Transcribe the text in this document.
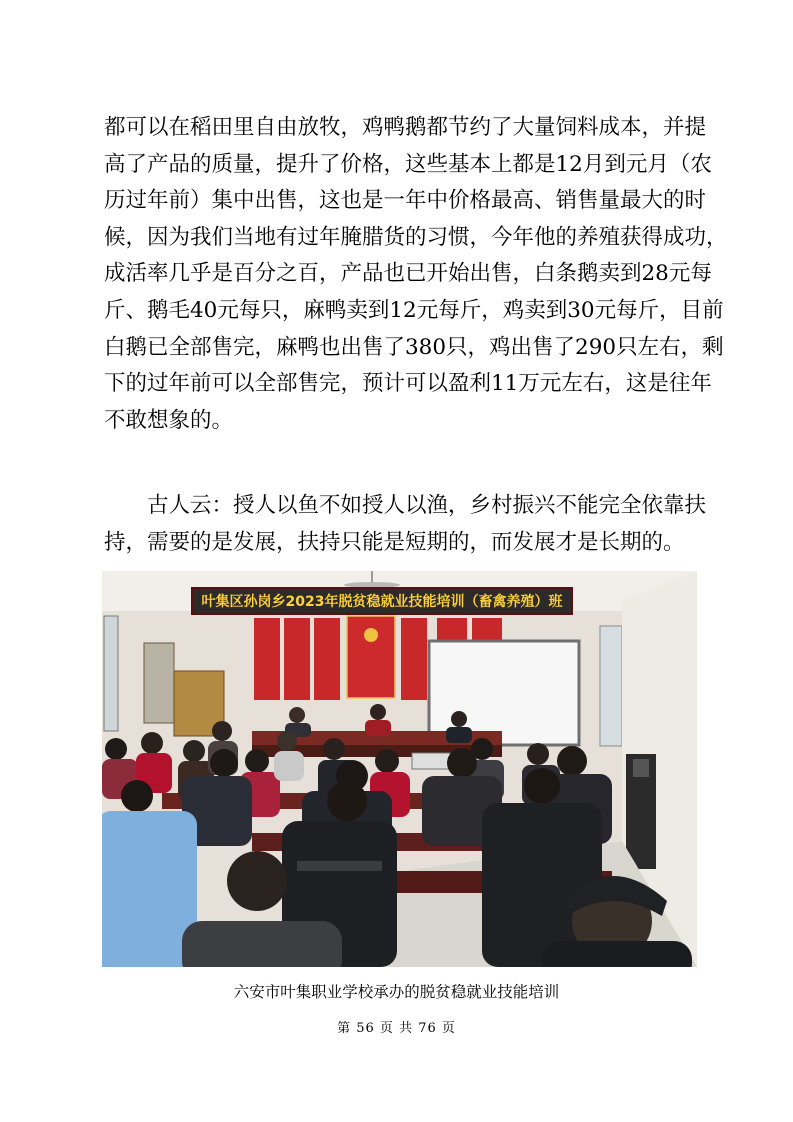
都可以在稻田里自由放牧，鸡鸭鹅都节约了大量饲料成本，并提
高了产品的质量，提升了价格，这些基本上都是12月到元月（农
历过年前）集中出售，这也是一年中价格最高、销售量最大的时
候，因为我们当地有过年腌腊货的习惯，今年他的养殖获得成功，
成活率几乎是百分之百，产品也已开始出售，白条鹅卖到28元每
斤、鹅毛40元每只，麻鸭卖到12元每斤，鸡卖到30元每斤，目前
白鹅已全部售完，麻鸭也出售了380只，鸡出售了290只左右，剩
下的过年前可以全部售完，预计可以盈利11万元左右，这是往年
不敢想象的。
古人云：授人以鱼不如授人以渔，乡村振兴不能完全依靠扶
持，需要的是发展，扶持只能是短期的，而发展才是长期的。
叶集区孙岗乡2023年脱贫稳就业技能培训（畜禽养殖）班
六安市叶集职业学校承办的脱贫稳就业技能培训
第 56 页 共 76 页
